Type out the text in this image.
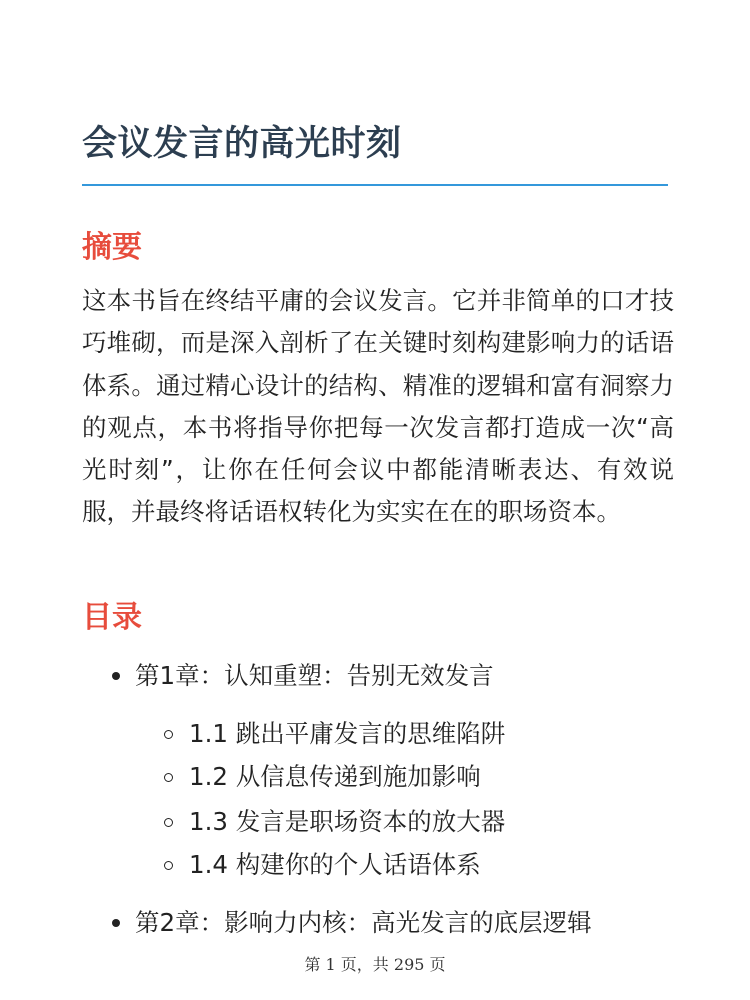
会议发言的高光时刻
摘要

这本书旨在终结平庸的会议发言。它并非简单的口才技巧堆砌，而是深入剖析了在关键时刻构建影响力的话语体系。通过精心设计的结构、精准的逻辑和富有洞察力的观点，本书将指导你把每一次发言都打造成一次“高光时刻”，让你在任何会议中都能清晰表达、有效说服，并最终将话语权转化为实实在在的职场资本。

目录
第1章：认知重塑：告别无效发言
1.1 跳出平庸发言的思维陷阱
1.2 从信息传递到施加影响
1.3 发言是职场资本的放大器
1.4 构建你的个人话语体系
第2章：影响力内核：高光发言的底层逻辑
第 1 页，共 295 页
